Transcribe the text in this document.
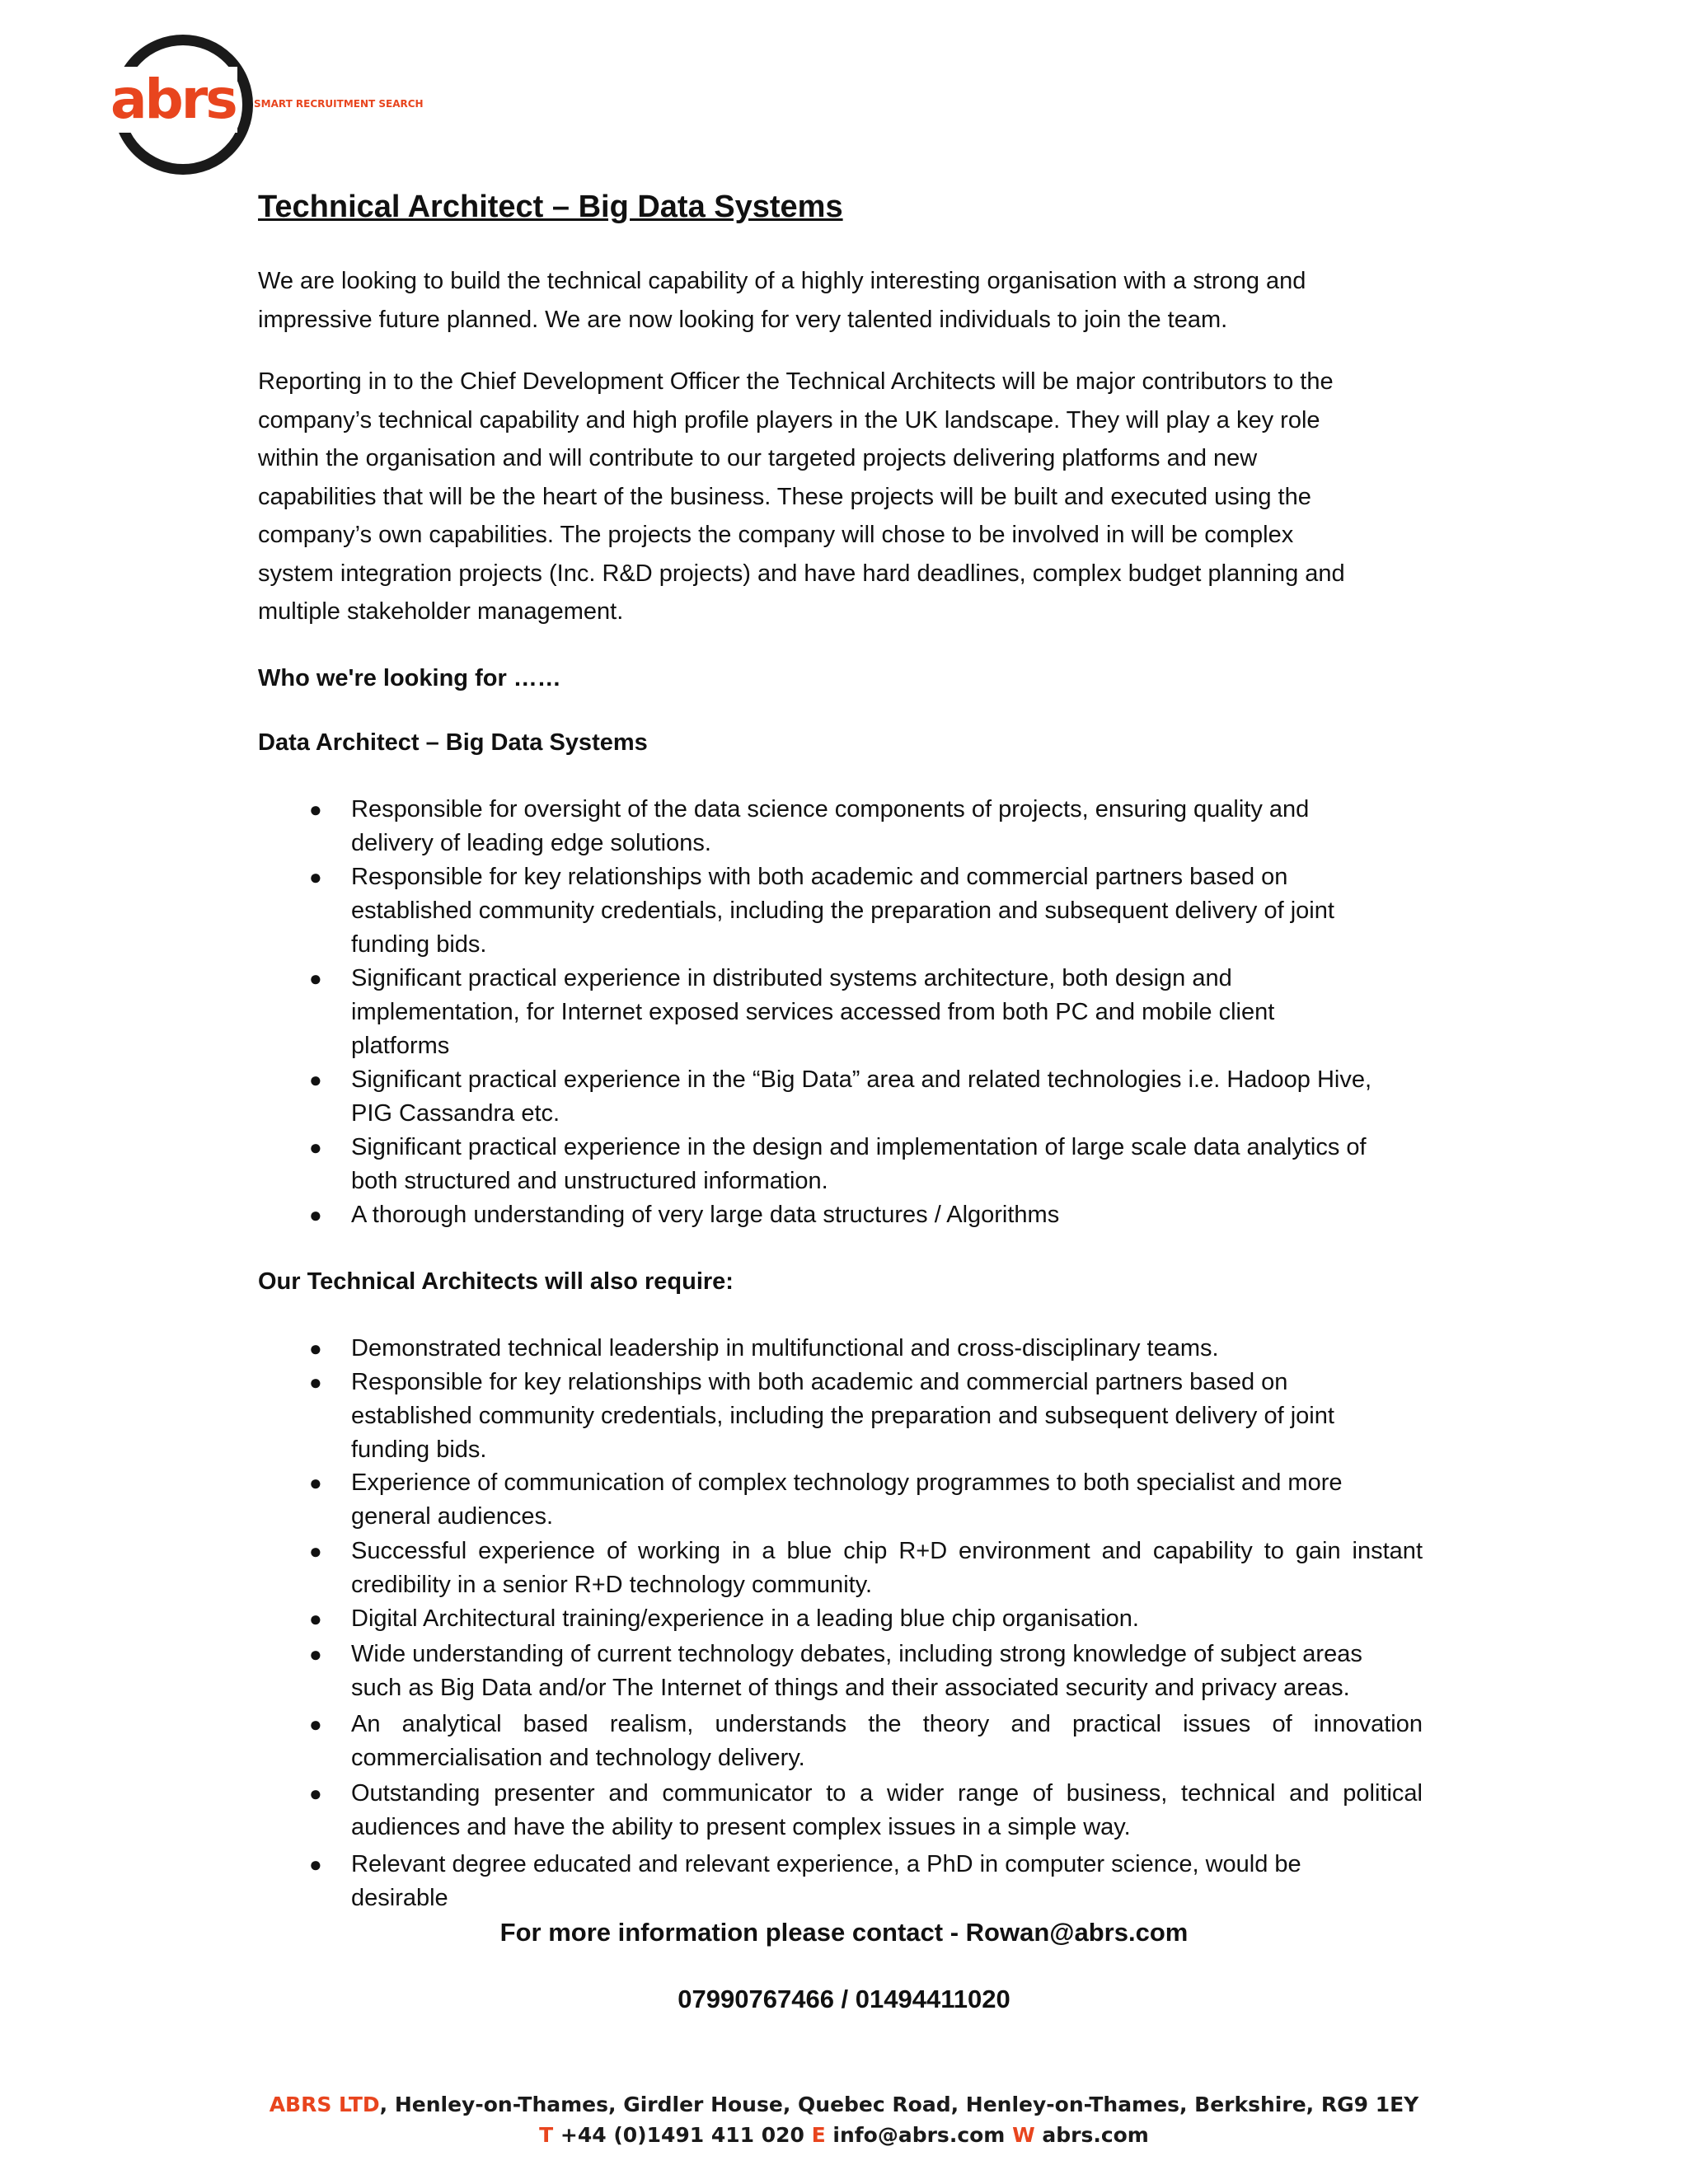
abrs SMART RECRUITMENT SEARCH
Technical Architect – Big Data Systems
We are looking to build the technical capability of a highly interesting organisation with a strong and
impressive future planned. We are now looking for very talented individuals to join the team.
Reporting in to the Chief Development Officer the Technical Architects will be major contributors to the
company’s technical capability and high profile players in the UK landscape. They will play a key role
within the organisation and will contribute to our targeted projects delivering platforms and new
capabilities that will be the heart of the business. These projects will be built and executed using the
company’s own capabilities. The projects the company will chose to be involved in will be complex
system integration projects (Inc. R&D projects) and have hard deadlines, complex budget planning and
multiple stakeholder management.
Who we're looking for ……
Data Architect – Big Data Systems
● Responsible for oversight of the data science components of projects, ensuring quality and
delivery of leading edge solutions.
● Responsible for key relationships with both academic and commercial partners based on
established community credentials, including the preparation and subsequent delivery of joint
funding bids.
● Significant practical experience in distributed systems architecture, both design and
implementation, for Internet exposed services accessed from both PC and mobile client
platforms
● Significant practical experience in the “Big Data” area and related technologies i.e. Hadoop Hive,
PIG Cassandra etc.
● Significant practical experience in the design and implementation of large scale data analytics of
both structured and unstructured information.
● A thorough understanding of very large data structures / Algorithms
Our Technical Architects will also require:
● Demonstrated technical leadership in multifunctional and cross-disciplinary teams.
● Responsible for key relationships with both academic and commercial partners based on
established community credentials, including the preparation and subsequent delivery of joint
funding bids.
● Experience of communication of complex technology programmes to both specialist and more
general audiences.
● Successful experience of working in a blue chip R+D environment and capability to gain instant
credibility in a senior R+D technology community.
● Digital Architectural training/experience in a leading blue chip organisation.
● Wide understanding of current technology debates, including strong knowledge of subject areas
such as Big Data and/or The Internet of things and their associated security and privacy areas.
● An analytical based realism, understands the theory and practical issues of innovation
commercialisation and technology delivery.
● Outstanding presenter and communicator to a wider range of business, technical and political
audiences and have the ability to present complex issues in a simple way.
● Relevant degree educated and relevant experience, a PhD in computer science, would be
desirable
For more information please contact - Rowan@abrs.com
07990767466 / 01494411020
ABRS LTD, Henley-on-Thames, Girdler House, Quebec Road, Henley-on-Thames, Berkshire, RG9 1EY
T +44 (0)1491 411 020 E info@abrs.com W abrs.com
